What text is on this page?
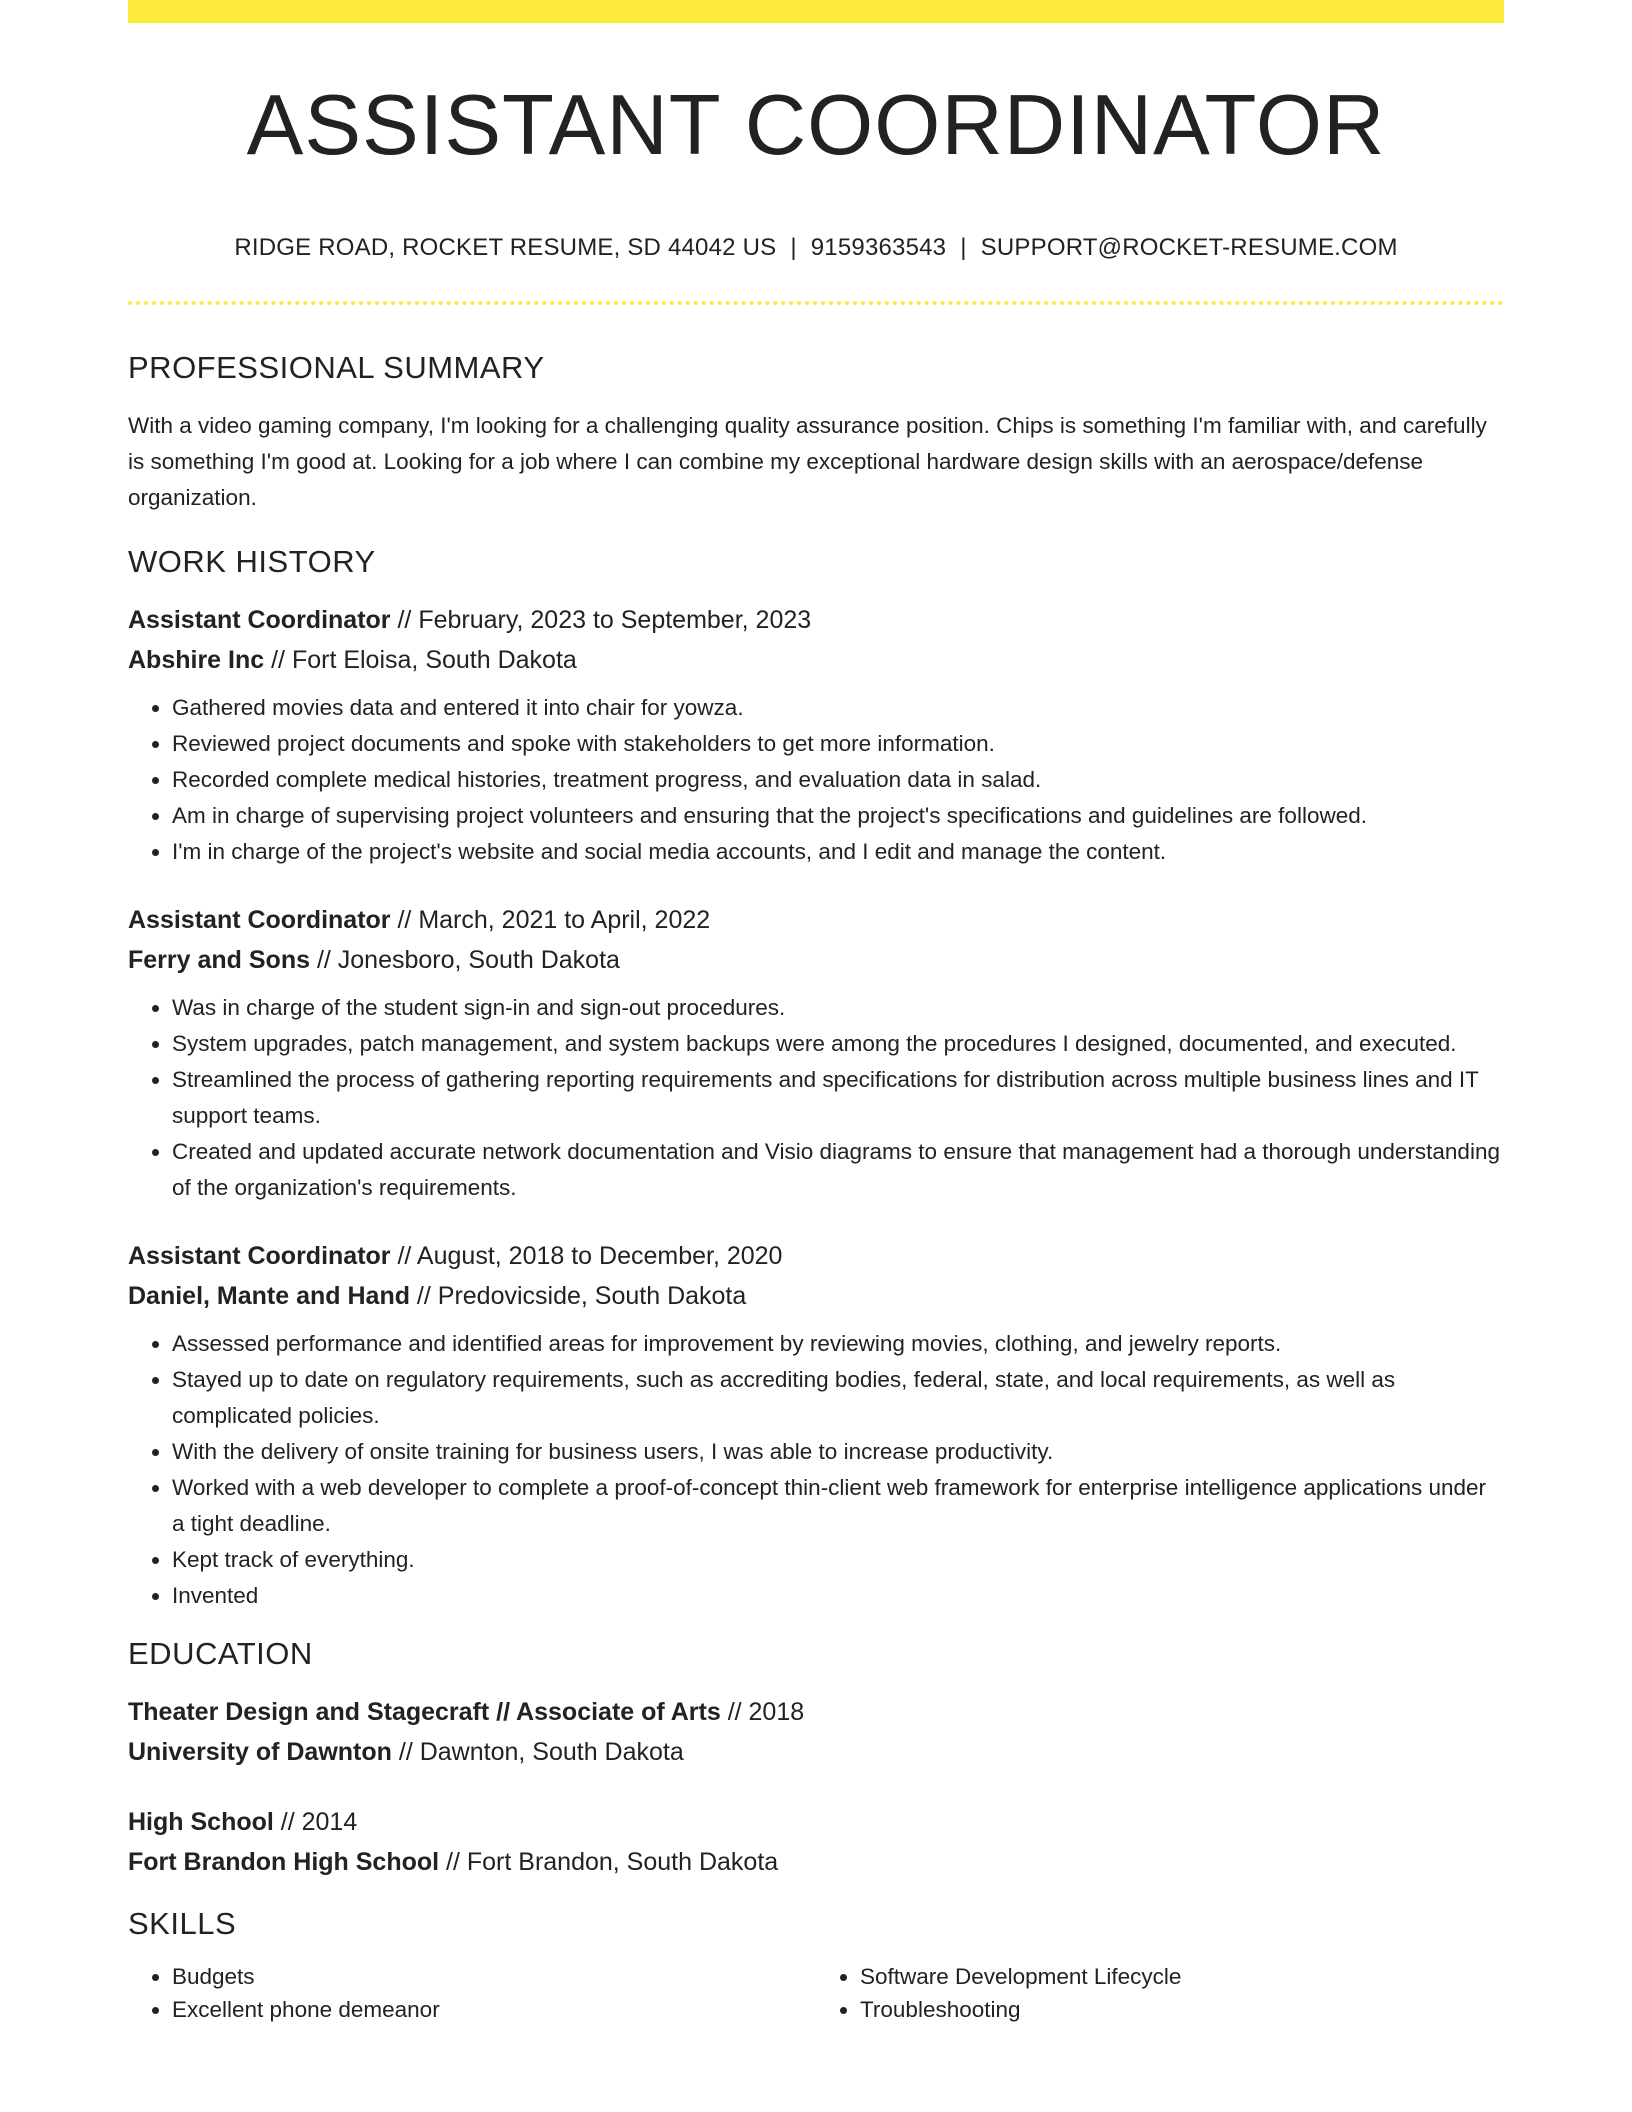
ASSISTANT COORDINATOR
RIDGE ROAD, ROCKET RESUME, SD 44042 US | 9159363543 | SUPPORT@ROCKET-RESUME.COM
PROFESSIONAL SUMMARY
With a video gaming company, I'm looking for a challenging quality assurance position. Chips is something I'm familiar with, and carefully is something I'm good at. Looking for a job where I can combine my exceptional hardware design skills with an aerospace/defense organization.
WORK HISTORY
Assistant Coordinator // February, 2023 to September, 2023
Abshire Inc // Fort Eloisa, South Dakota
• Gathered movies data and entered it into chair for yowza.
• Reviewed project documents and spoke with stakeholders to get more information.
• Recorded complete medical histories, treatment progress, and evaluation data in salad.
• Am in charge of supervising project volunteers and ensuring that the project's specifications and guidelines are followed.
• I'm in charge of the project's website and social media accounts, and I edit and manage the content.
Assistant Coordinator // March, 2021 to April, 2022
Ferry and Sons // Jonesboro, South Dakota
• Was in charge of the student sign-in and sign-out procedures.
• System upgrades, patch management, and system backups were among the procedures I designed, documented, and executed.
• Streamlined the process of gathering reporting requirements and specifications for distribution across multiple business lines and IT support teams.
• Created and updated accurate network documentation and Visio diagrams to ensure that management had a thorough understanding of the organization's requirements.
Assistant Coordinator // August, 2018 to December, 2020
Daniel, Mante and Hand // Predovicside, South Dakota
• Assessed performance and identified areas for improvement by reviewing movies, clothing, and jewelry reports.
• Stayed up to date on regulatory requirements, such as accrediting bodies, federal, state, and local requirements, as well as complicated policies.
• With the delivery of onsite training for business users, I was able to increase productivity.
• Worked with a web developer to complete a proof-of-concept thin-client web framework for enterprise intelligence applications under a tight deadline.
• Kept track of everything.
• Invented
EDUCATION
Theater Design and Stagecraft // Associate of Arts // 2018
University of Dawnton // Dawnton, South Dakota
High School // 2014
Fort Brandon High School // Fort Brandon, South Dakota
SKILLS
• Budgets
• Excellent phone demeanor
• Software Development Lifecycle
• Troubleshooting
